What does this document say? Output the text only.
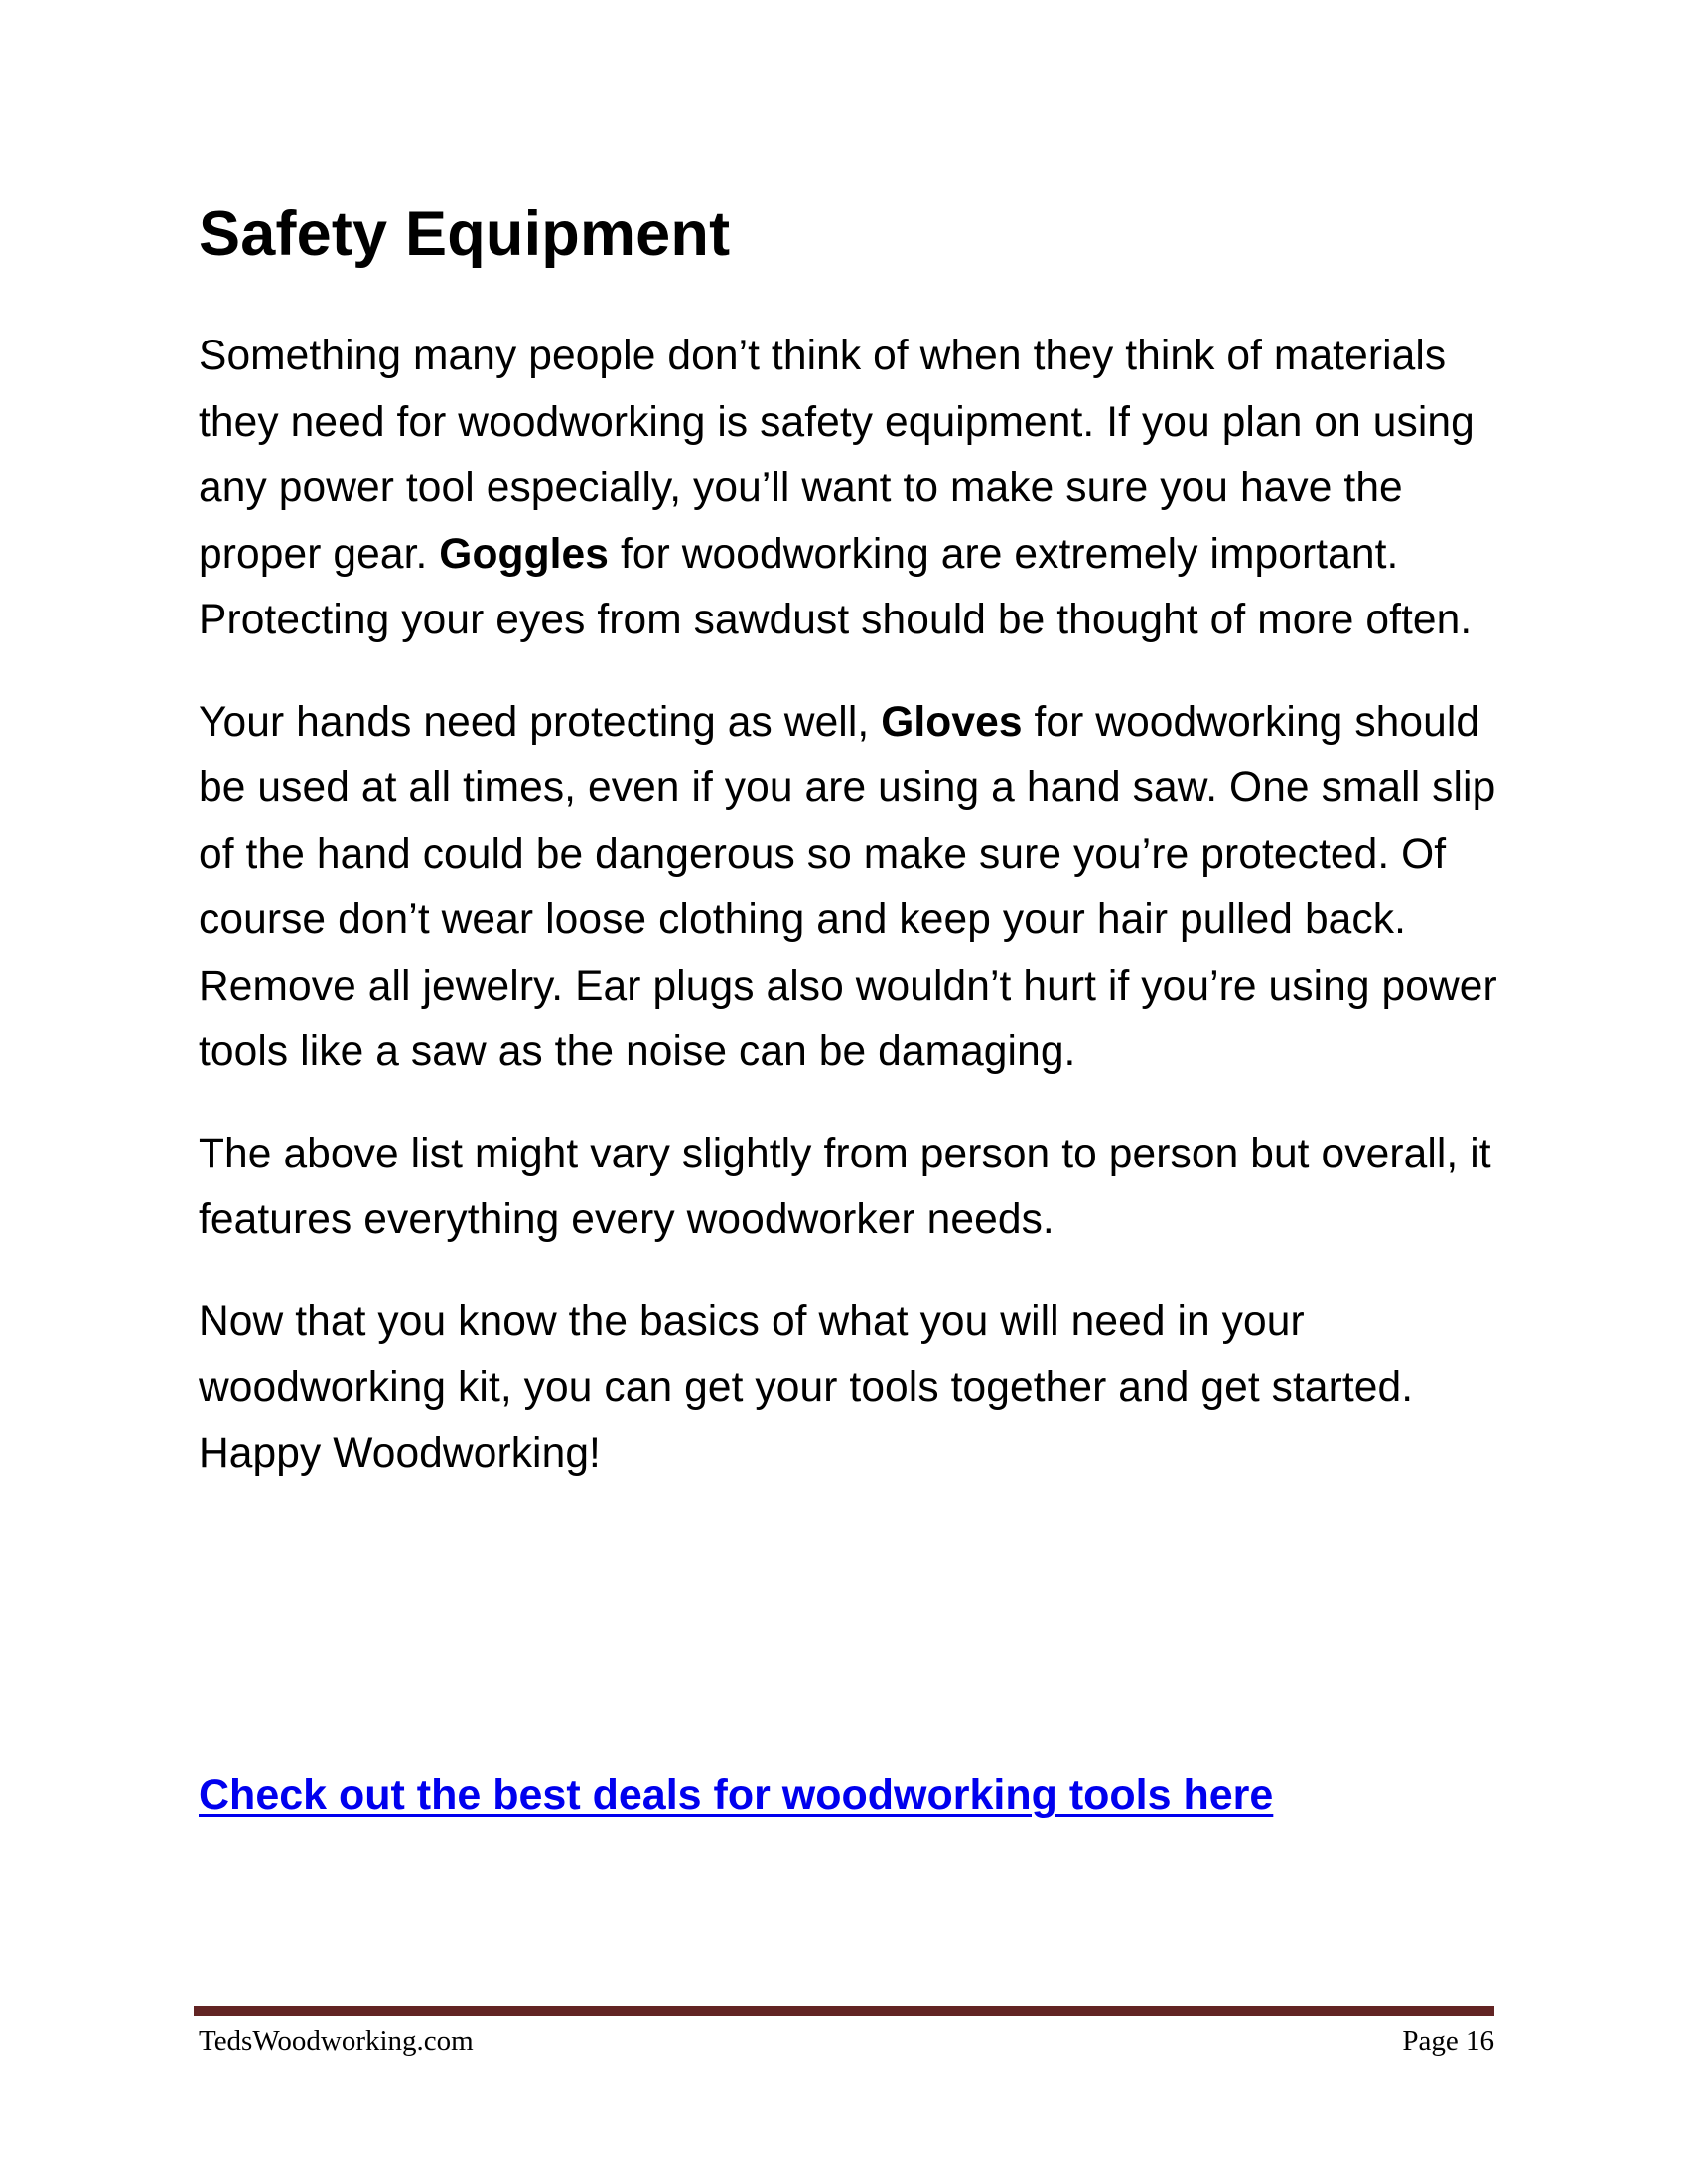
Safety Equipment

Something many people don’t think of when they think of materials they need for woodworking is safety equipment. If you plan on using any power tool especially, you’ll want to make sure you have the proper gear. Goggles for woodworking are extremely important. Protecting your eyes from sawdust should be thought of more often.

Your hands need protecting as well, Gloves for woodworking should be used at all times, even if you are using a hand saw. One small slip of the hand could be dangerous so make sure you’re protected. Of course don’t wear loose clothing and keep your hair pulled back. Remove all jewelry. Ear plugs also wouldn’t hurt if you’re using power tools like a saw as the noise can be damaging.

The above list might vary slightly from person to person but overall, it features everything every woodworker needs.

Now that you know the basics of what you will need in your woodworking kit, you can get your tools together and get started. Happy Woodworking!

Check out the best deals for woodworking tools here
TedsWoodworking.com	Page 16
